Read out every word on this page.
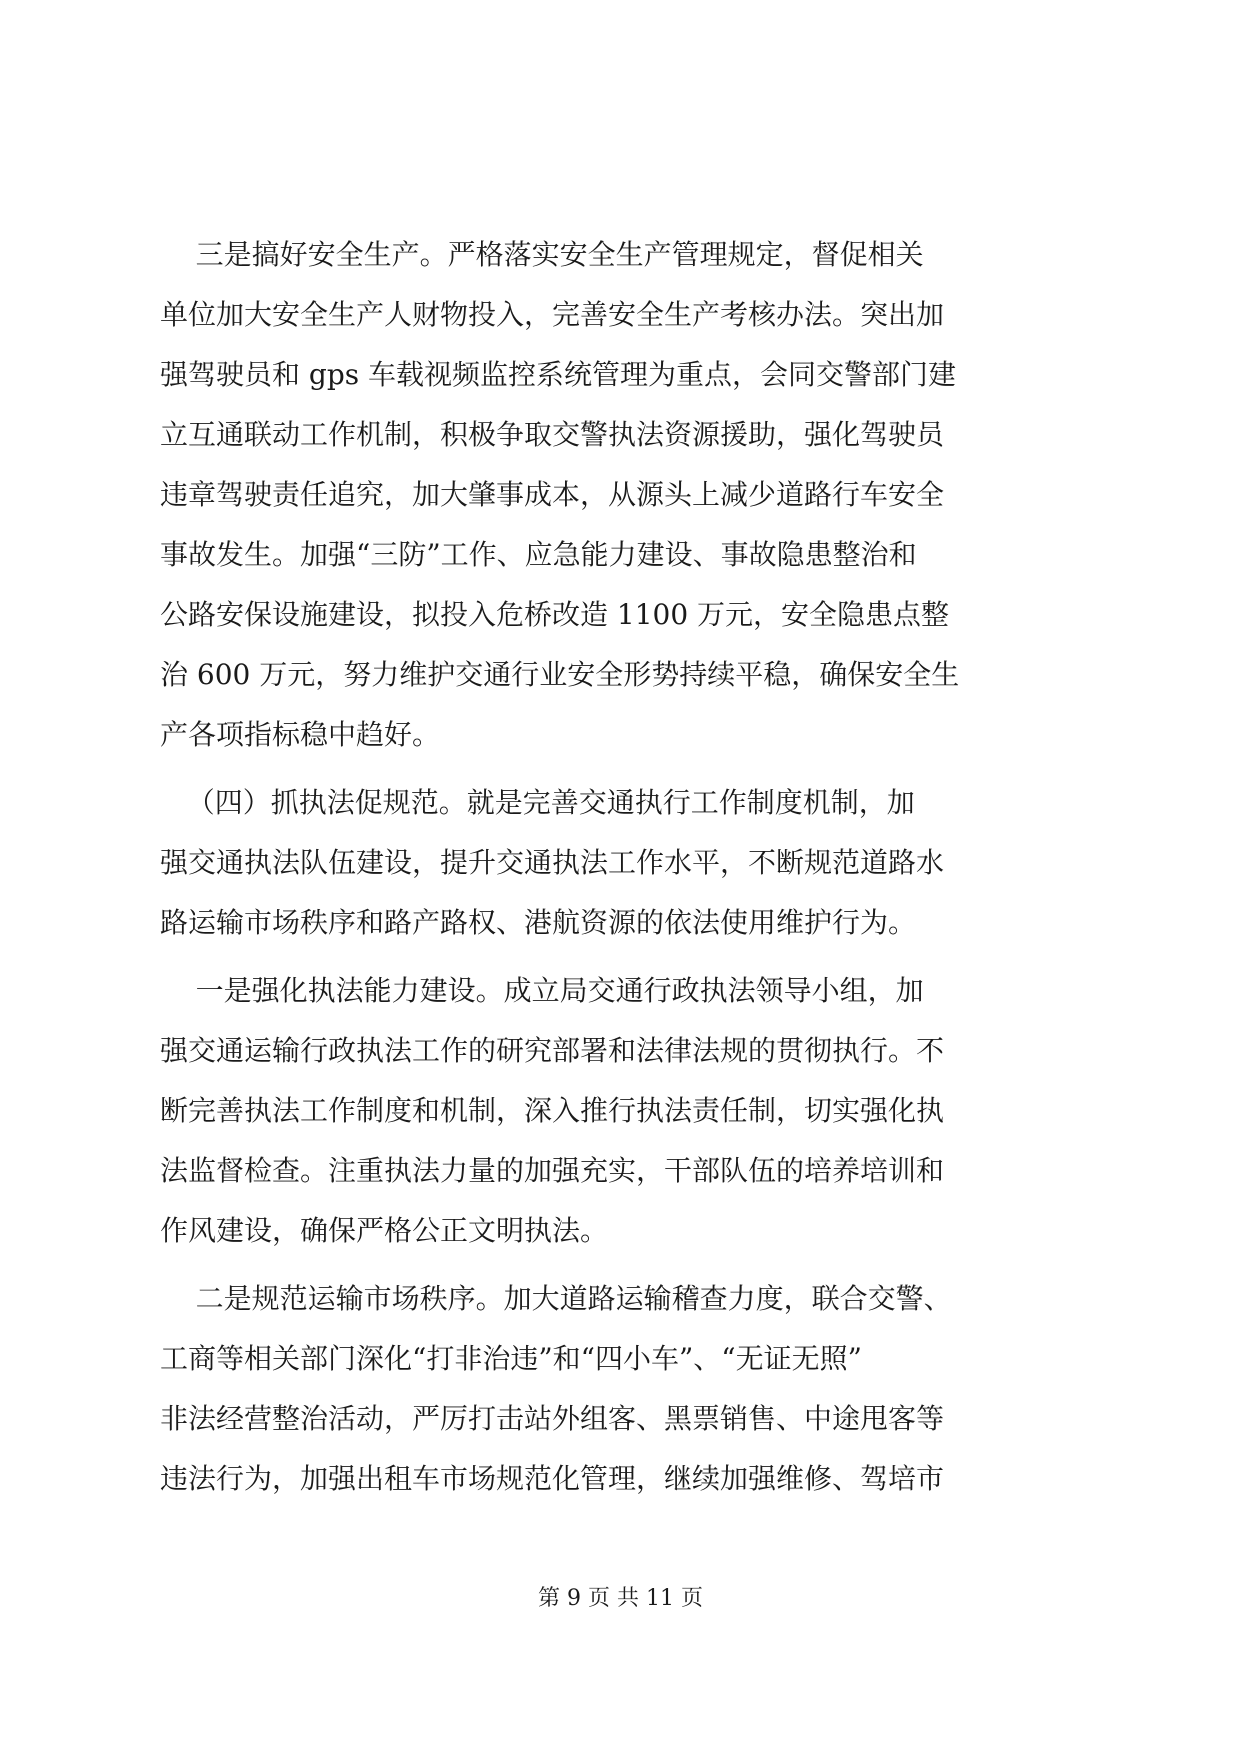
三是搞好安全生产。严格落实安全生产管理规定，督促相关
单位加大安全生产人财物投入，完善安全生产考核办法。突出加
强驾驶员和 gps 车载视频监控系统管理为重点，会同交警部门建
立互通联动工作机制，积极争取交警执法资源援助，强化驾驶员
违章驾驶责任追究，加大肇事成本，从源头上减少道路行车安全
事故发生。加强“三防”工作、应急能力建设、事故隐患整治和
公路安保设施建设，拟投入危桥改造 1100 万元，安全隐患点整
治 600 万元，努力维护交通行业安全形势持续平稳，确保安全生
产各项指标稳中趋好。
（四）抓执法促规范。就是完善交通执行工作制度机制，加
强交通执法队伍建设，提升交通执法工作水平，不断规范道路水
路运输市场秩序和路产路权、港航资源的依法使用维护行为。
一是强化执法能力建设。成立局交通行政执法领导小组，加
强交通运输行政执法工作的研究部署和法律法规的贯彻执行。不
断完善执法工作制度和机制，深入推行执法责任制，切实强化执
法监督检查。注重执法力量的加强充实，干部队伍的培养培训和
作风建设，确保严格公正文明执法。
二是规范运输市场秩序。加大道路运输稽查力度，联合交警、
工商等相关部门深化“打非治违”和“四小车”、“无证无照”
非法经营整治活动，严厉打击站外组客、黑票销售、中途甩客等
违法行为，加强出租车市场规范化管理，继续加强维修、驾培市
第 9 页 共 11 页
